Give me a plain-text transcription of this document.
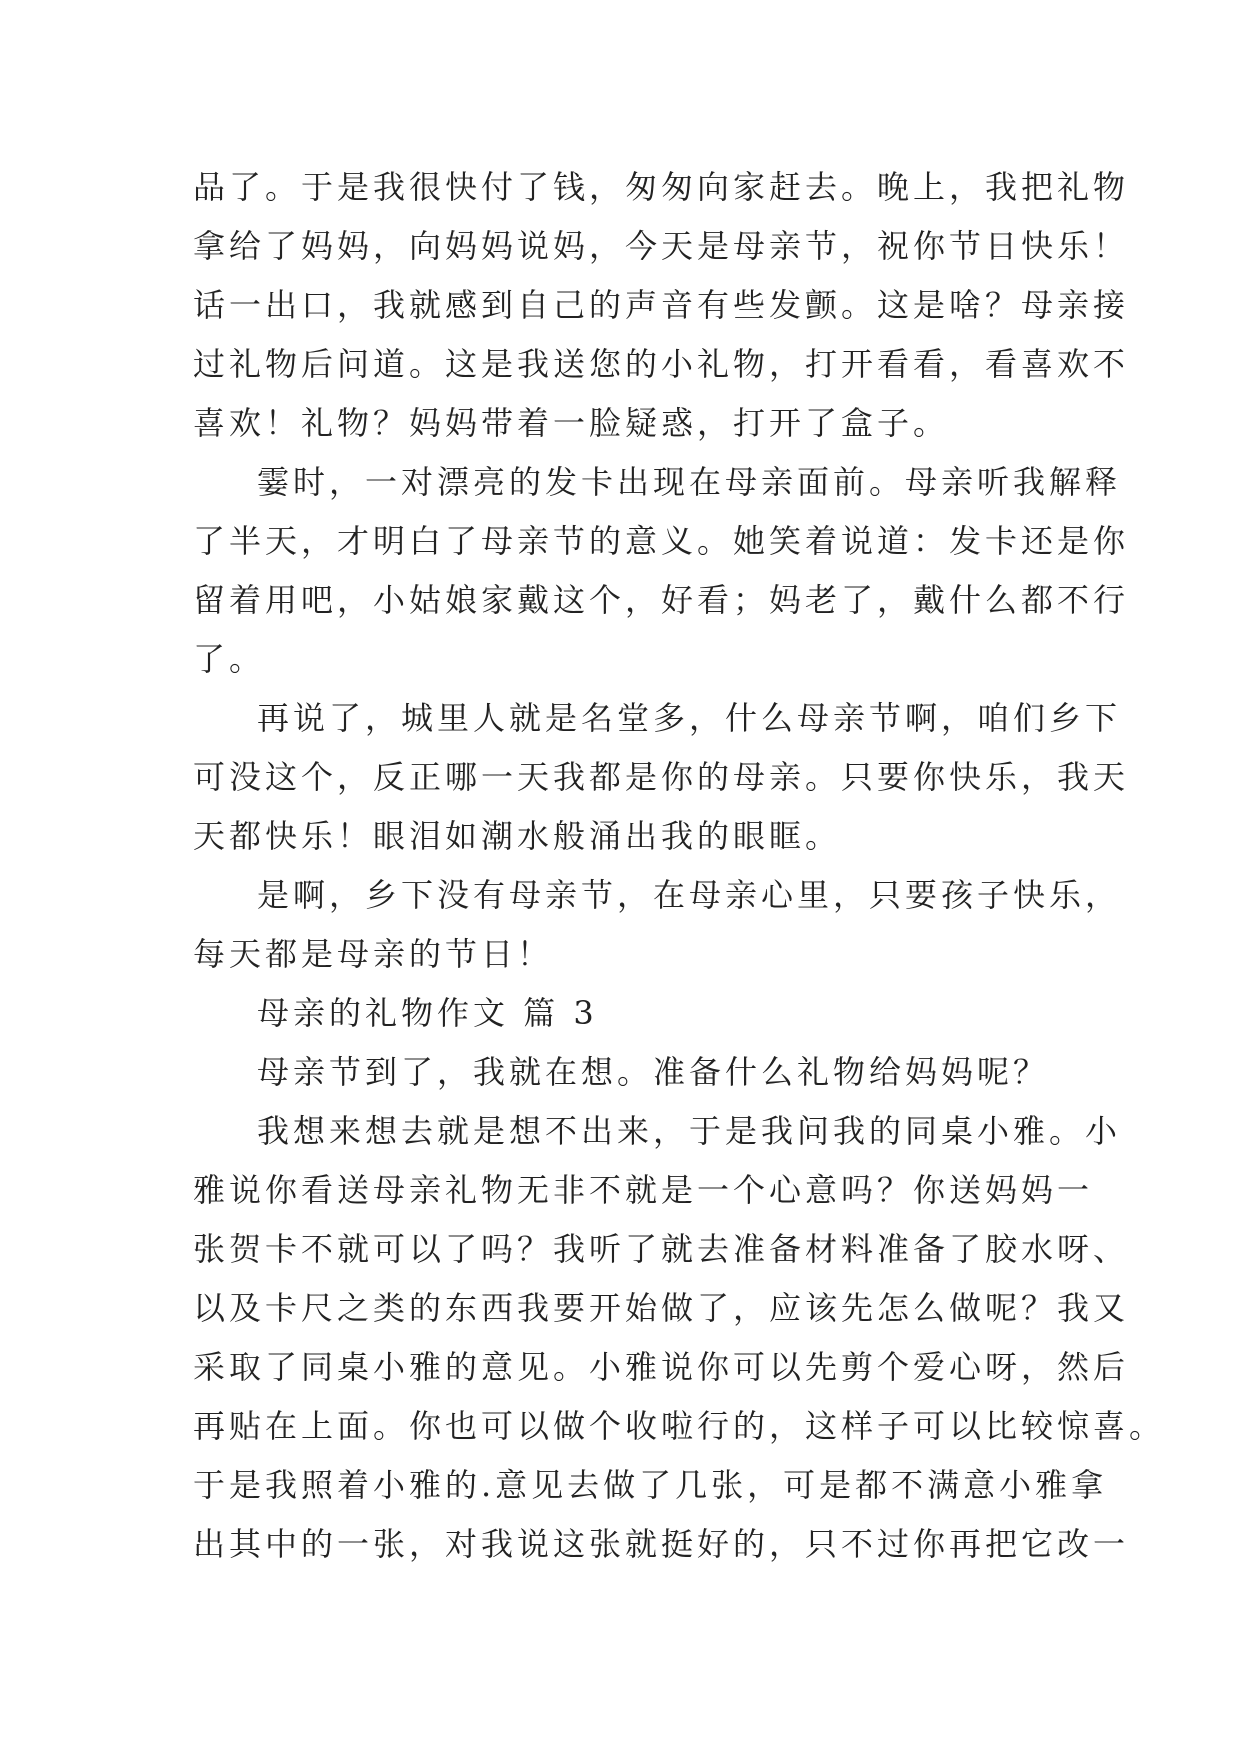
品了。于是我很快付了钱，匆匆向家赶去。晚上，我把礼物
拿给了妈妈，向妈妈说妈，今天是母亲节，祝你节日快乐！
话一出口，我就感到自己的声音有些发颤。这是啥？母亲接
过礼物后问道。这是我送您的小礼物，打开看看，看喜欢不
喜欢！礼物？妈妈带着一脸疑惑，打开了盒子。
霎时，一对漂亮的发卡出现在母亲面前。母亲听我解释
了半天，才明白了母亲节的意义。她笑着说道：发卡还是你
留着用吧，小姑娘家戴这个，好看；妈老了，戴什么都不行
了。
再说了，城里人就是名堂多，什么母亲节啊，咱们乡下
可没这个，反正哪一天我都是你的母亲。只要你快乐，我天
天都快乐！眼泪如潮水般涌出我的眼眶。
是啊，乡下没有母亲节，在母亲心里，只要孩子快乐，
每天都是母亲的节日！
母亲的礼物作文 篇 3
母亲节到了，我就在想。准备什么礼物给妈妈呢？
我想来想去就是想不出来，于是我问我的同桌小雅。小
雅说你看送母亲礼物无非不就是一个心意吗？你送妈妈一
张贺卡不就可以了吗？我听了就去准备材料准备了胶水呀、
以及卡尺之类的东西我要开始做了，应该先怎么做呢？我又
采取了同桌小雅的意见。小雅说你可以先剪个爱心呀，然后
再贴在上面。你也可以做个收啦行的，这样子可以比较惊喜。
于是我照着小雅的.意见去做了几张，可是都不满意小雅拿
出其中的一张，对我说这张就挺好的，只不过你再把它改一
